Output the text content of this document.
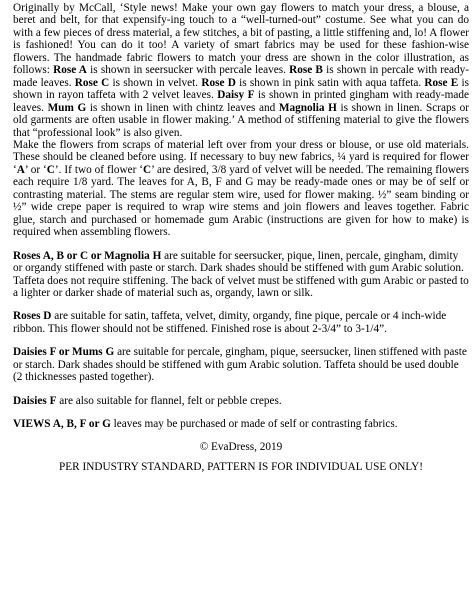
Originally by McCall, ‘Style news! Make your own gay flowers to match your dress, a blouse, a beret and belt, for that expensify-ing touch to a “well-turned-out” costume. See what you can do with a few pieces of dress material, a few stitches, a bit of pasting, a little stiffening and, lo! A flower is fashioned! You can do it too! A variety of smart fabrics may be used for these fashion-wise flowers. The handmade fabric flowers to match your dress are shown in the color illustration, as follows: Rose A is shown in seersucker with percale leaves. Rose B is shown in percale with ready-made leaves. Rose C is shown in velvet. Rose D is shown in pink satin with aqua taffeta. Rose E is shown in rayon taffeta with 2 velvet leaves. Daisy F is shown in printed gingham with ready-made leaves. Mum G is shown in linen with chintz leaves and Magnolia H is shown in linen. Scraps or old garments are often usable in flower making.’ A method of stiffening material to give the flowers that “professional look” is also given.

Make the flowers from scraps of material left over from your dress or blouse, or use old materials. These should be cleaned before using. If necessary to buy new fabrics, ¼ yard is required for flower ‘A’ or ‘C’. If two of flower ‘C’ are desired, 3/8 yard of velvet will be needed. The remaining flowers each require 1/8 yard. The leaves for A, B, F and G may be ready-made ones or may be of self or contrasting material. The stems are regular stem wire, used for flower making. ½” seam binding or ½” wide crepe paper is required to wrap wire stems and join flowers and leaves together. Fabric glue, starch and purchased or homemade gum Arabic (instructions are given for how to make) is required when assembling flowers.

Roses A, B or C or Magnolia H are suitable for seersucker, pique, linen, percale, gingham, dimity or organdy stiffened with paste or starch. Dark shades should be stiffened with gum Arabic solution. Taffeta does not require stiffening. The back of velvet must be stiffened with gum Arabic or pasted to a lighter or darker shade of material such as, organdy, lawn or silk.

Roses D are suitable for satin, taffeta, velvet, dimity, organdy, fine pique, percale or 4 inch-wide ribbon. This flower should not be stiffened. Finished rose is about 2-3/4” to 3-1/4”.

Daisies F or Mums G are suitable for percale, gingham, pique, seersucker, linen stiffened with paste or starch. Dark shades should be stiffened with gum Arabic solution. Taffeta should be used double (2 thicknesses pasted together).

Daisies F are also suitable for flannel, felt or pebble crepes.

VIEWS A, B, F or G leaves may be purchased or made of self or contrasting fabrics.

© EvaDress, 2019

PER INDUSTRY STANDARD, PATTERN IS FOR INDIVIDUAL USE ONLY!
